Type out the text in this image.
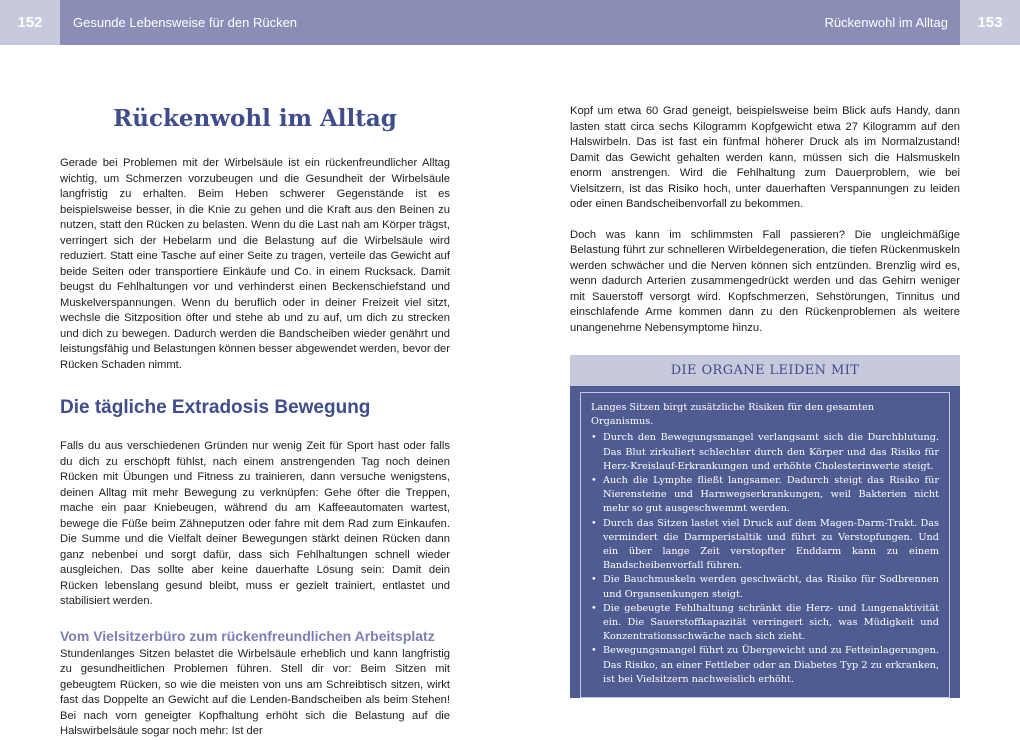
152	Gesunde Lebensweise für den Rücken	Rückenwohl im Alltag	153
Rückenwohl im Alltag

Gerade bei Problemen mit der Wirbelsäule ist ein rückenfreundlicher Alltag wichtig, um Schmerzen vorzubeugen und die Gesundheit der Wirbelsäule langfristig zu erhalten. Beim Heben schwerer Gegenstände ist es beispielsweise besser, in die Knie zu gehen und die Kraft aus den Beinen zu nutzen, statt den Rücken zu belasten. Wenn du die Last nah am Körper trägst, verringert sich der Hebelarm und die Belastung auf die Wirbelsäule wird reduziert. Statt eine Tasche auf einer Seite zu tragen, verteile das Gewicht auf beide Seiten oder transportiere Einkäufe und Co. in einem Rucksack. Damit beugst du Fehlhaltungen vor und verhinderst einen Beckenschiefstand und Muskelverspannungen. Wenn du beruflich oder in deiner Freizeit viel sitzt, wechsle die Sitzposition öfter und stehe ab und zu auf, um dich zu strecken und dich zu bewegen. Dadurch werden die Bandscheiben wieder genährt und leistungsfähig und Belastungen können besser abgewendet werden, bevor der Rücken Schaden nimmt.

Die tägliche Extradosis Bewegung

Falls du aus verschiedenen Gründen nur wenig Zeit für Sport hast oder falls du dich zu erschöpft fühlst, nach einem anstrengenden Tag noch deinen Rücken mit Übungen und Fitness zu trainieren, dann versuche wenigstens, deinen Alltag mit mehr Bewegung zu verknüpfen: Gehe öfter die Treppen, mache ein paar Kniebeugen, während du am Kaffeeautomaten wartest, bewege die Füße beim Zähneputzen oder fahre mit dem Rad zum Einkaufen. Die Summe und die Vielfalt deiner Bewegungen stärkt deinen Rücken dann ganz nebenbei und sorgt dafür, dass sich Fehlhaltungen schnell wieder ausgleichen. Das sollte aber keine dauerhafte Lösung sein: Damit dein Rücken lebenslang gesund bleibt, muss er gezielt trainiert, entlastet und stabilisiert werden.

Vom Vielsitzerbüro zum rückenfreundlichen Arbeitsplatz

Stundenlanges Sitzen belastet die Wirbelsäule erheblich und kann langfristig zu gesundheitlichen Problemen führen. Stell dir vor: Beim Sitzen mit gebeugtem Rücken, so wie die meisten von uns am Schreibtisch sitzen, wirkt fast das Doppelte an Gewicht auf die Lenden-Bandscheiben als beim Stehen! Bei nach vorn geneigter Kopfhaltung erhöht sich die Belastung auf die Halswirbelsäule sogar noch mehr: Ist der

Kopf um etwa 60 Grad geneigt, beispielsweise beim Blick aufs Handy, dann lasten statt circa sechs Kilogramm Kopfgewicht etwa 27 Kilogramm auf den Halswirbeln. Das ist fast ein fünfmal höherer Druck als im Normalzustand! Damit das Gewicht gehalten werden kann, müssen sich die Halsmuskeln enorm anstrengen. Wird die Fehlhaltung zum Dauerproblem, wie bei Vielsitzern, ist das Risiko hoch, unter dauerhaften Verspannungen zu leiden oder einen Bandscheibenvorfall zu bekommen.

Doch was kann im schlimmsten Fall passieren? Die ungleichmäßige Belastung führt zur schnelleren Wirbeldegeneration, die tiefen Rückenmuskeln werden schwächer und die Nerven können sich entzünden. Brenzlig wird es, wenn dadurch Arterien zusammengedrückt werden und das Gehirn weniger mit Sauerstoff versorgt wird. Kopfschmerzen, Sehstörungen, Tinnitus und einschlafende Arme kommen dann zu den Rückenproblemen als weitere unangenehme Nebensymptome hinzu.

DIE ORGANE LEIDEN MIT

Langes Sitzen birgt zusätzliche Risiken für den gesamten Organismus.

• Durch den Bewegungsmangel verlangsamt sich die Durchblutung. Das Blut zirkuliert schlechter durch den Körper und das Risiko für Herz-Kreislauf-Erkrankungen und erhöhte Cholesterinwerte steigt.
• Auch die Lymphe fließt langsamer. Dadurch steigt das Risiko für Nierensteine und Harnwegserkrankungen, weil Bakterien nicht mehr so gut ausgeschwemmt werden.
• Durch das Sitzen lastet viel Druck auf dem Magen-Darm-Trakt. Das vermindert die Darmperistaltik und führt zu Verstopfungen. Und ein über lange Zeit verstopfter Enddarm kann zu einem Bandscheibenvorfall führen.
• Die Bauchmuskeln werden geschwächt, das Risiko für Sodbrennen und Organsenkungen steigt.
• Die gebeugte Fehlhaltung schränkt die Herz- und Lungenaktivität ein. Die Sauerstoffkapazität verringert sich, was Müdigkeit und Konzentrationsschwäche nach sich zieht.
• Bewegungsmangel führt zu Übergewicht und zu Fetteinlagerungen. Das Risiko, an einer Fettleber oder an Diabetes Typ 2 zu erkranken, ist bei Vielsitzern nachweislich erhöht.
